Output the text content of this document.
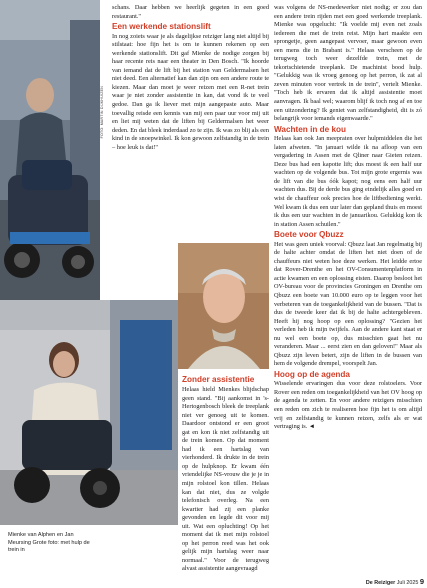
FOTO: MARTIN DIJKHUIZEN

schans. Daar hebben we heerlijk gegeten in een goed restaurant."

Een werkende stationslift

In nog zoiets waar je als dagelijkse reiziger lang niet altijd bij stilstaat: hoe fijn het is om te kunnen rekenen op een werkende stationslift. Dit gaf Mienke de nodige zorgen bij haar recente reis naar een theater in Den Bosch. "Ik hoorde van iemand dat de lift bij het station van Geldermalsen het niet deed. Een alternatief kan dan zijn om een andere route te kiezen. Maar dan moet je weer reizen met een R-net trein waar je niet zonder assistentie in kan, dat vond ik te veel gedoe. Dan ga ik liever met mijn aangepaste auto. Maar toevallig reisde een kennis van mij een paar uur voor mij uit en liet mij weten dat de liften bij Geldermalsen het weer deden. En dat bleek inderdaad zo te zijn. Ik was zo blij als een kind in de snoepwinkel. Ik kon gewoon zelfstandig in de trein – hoe leuk is dat!"

Zonder assistentie

Helaas hield Mienkes blijdschap geen stand. "Bij aankomst in 's-Hertogenbosch bleek de treeplank niet ver genoeg uit te komen. Daardoor ontstond er een groot gat en kon ik niet zelfstandig uit de trein komen. Op dat moment had ik een hartslag van vierhonderd. Ik drukte in de trein op de hulpknop. Er kwam één vriendelijke NS-vrouw die je je in mijn rolstoel kon tillen. Helaas kan dat niet, dus ze volgde telefonisch overleg. Na een kwartier had zij een planke gevonden en legde dit voor mij uit. Wat een opluchting! Op het moment dat ik met mijn rolstoel op het perron reed was het ook gelijk mijn hartslag weer naar normaal." Voor de terugweg alvast assistentie aangevraagd

Mienke van Alphen en Jan Meursing Grote foto: met hulp de trein in

was volgens de NS-medewerker niet nodig; er zou dan een andere trein rijden met een goed werkende treeplank. Mienke was opgelucht: "Ik voelde mij even net zoals iedereen die met de trein reist. Mijn hart maakte een sprongetje, geen aangepast vervoer, maar gewoon even een mens die in Brabant is." Helaas verscheen op de terugweg toch weer dezelfde trein, met de tekortschietende treeplank. De machinist bood hulp. "Gelukkig was ik vroeg genoeg op het perron, ik zat al zeven minuten voor vertrek in de trein", vertelt Mienke. "Toch heb ik ervaren dat ik altijd assistentie moet aanvragen. Ik baal wel; waarom blijf ik toch nog af en toe een uitzondering? Ik geniet van zelfstandigheid, dit is zó belangrijk voor iemands eigenwaarde."

Wachten in de kou

Helaas kan ook Jan meepraten over hulpmiddelen die het laten afweten. "In januari wilde ik na afloop van een vergadering in Assen met de Qliner naar Gieten reizen. Deze bus had een kapotte lift; dus moest ik een half uur wachten op de volgende bus. Tot mijn grote ergernis was de lift van die bus óók kapot; nog eens een half uur wachten dus. Bij de derde bus ging eindelijk alles goed en wist de chauffeur ook precies hoe de liftbediening werkt. Wel kwam ik dus een uur later dan gepland thuis en moest ik dus een uur wachten in de januarikou. Gelukkig kon ik in station Assen schuilen."

Boete voor Qbuzz

Het was geen uniek voorval: Qbuzz laat Jan regelmatig bij de halte achter omdat de liften het niet doen of de chauffeurs niet weten hoe deze werken. Het leidde ertoe dat Rover-Drenthe en het OV-Consumentenplatform in actie kwamen en een oplossing eisten. Daarop besloot het OV-bureau voor de provincies Groningen en Drenthe om Qbuzz een boete van 10.000 euro op te leggen voor het verbeteren van de toegankelijkheid van de bussen. "Dat is dus de tweede keer dat ik bij de halte achtergebleven. Heeft hij nog hoop op een oplossing? "Gezien het verleden heb ik mijn twijfels. Aan de andere kant staat er nu wel een boete op, dus misschien gaat het nu veranderen. Maar ... eerst zien en dan geloven!" Maar als Qbuzz zijn leven betert, zijn de liften in de bussen van hem de volgende drempel, voorspelt Jan.

Hoog op de agenda

Wisselende ervaringen dus voor deze rolstoelers. Voor Rover een reden om toegankelijkheid van het OV hoog op de agenda te zetten. En voor andere reizigers misschien een reden om zich te realiseren hoe fijn het is om altijd vrij en zelfstandig te kunnen reizen, zelfs als er wat vertraging is. ◄

De Reiziger Juli 2025 9
